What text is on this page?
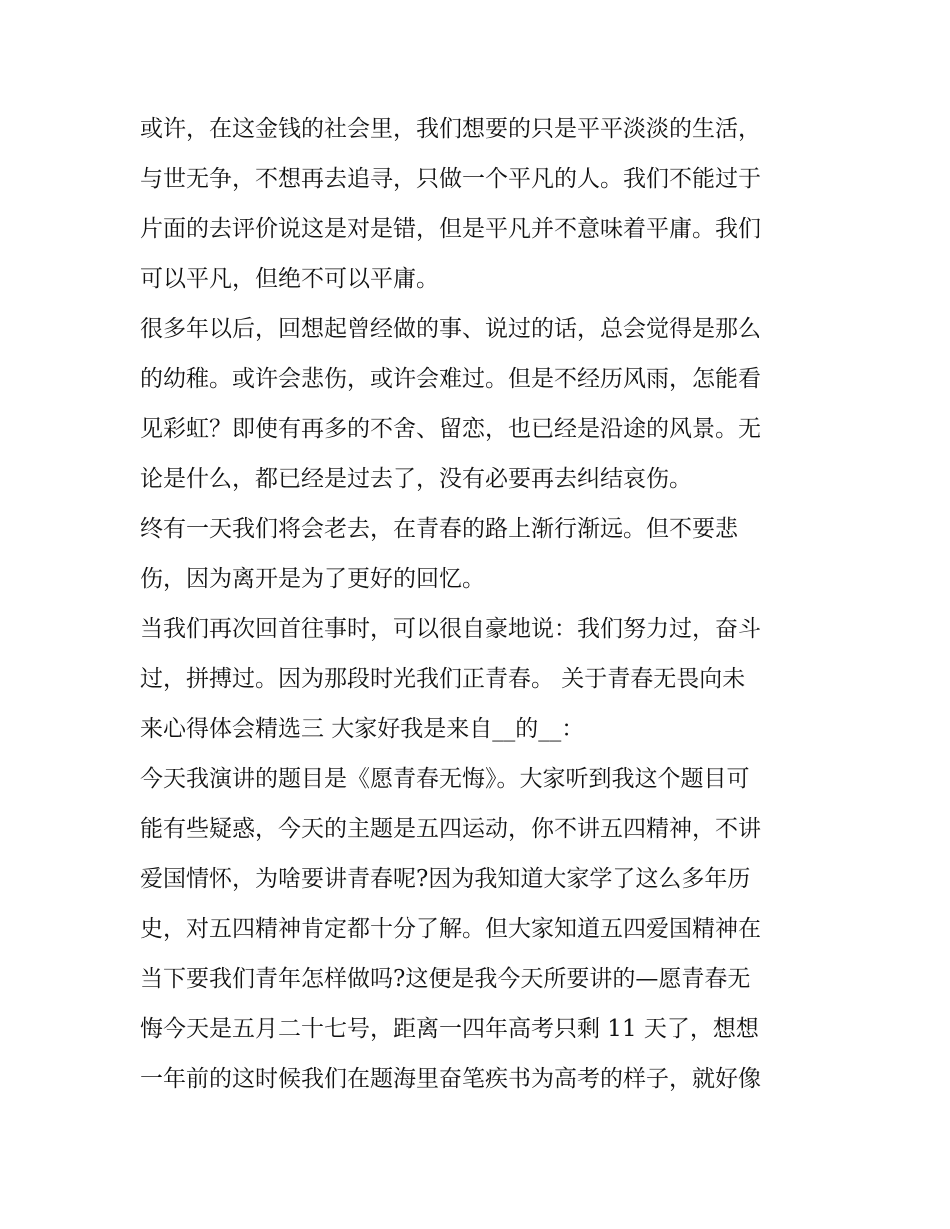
或许，在这金钱的社会里，我们想要的只是平平淡淡的生活，
与世无争，不想再去追寻，只做一个平凡的人。我们不能过于
片面的去评价说这是对是错，但是平凡并不意味着平庸。我们
可以平凡，但绝不可以平庸。
很多年以后，回想起曾经做的事、说过的话，总会觉得是那么
的幼稚。或许会悲伤，或许会难过。但是不经历风雨，怎能看
见彩虹？即使有再多的不舍、留恋，也已经是沿途的风景。无
论是什么，都已经是过去了，没有必要再去纠结哀伤。
终有一天我们将会老去，在青春的路上渐行渐远。但不要悲
伤，因为离开是为了更好的回忆。
当我们再次回首往事时，可以很自豪地说：我们努力过，奋斗
过，拼搏过。因为那段时光我们正青春。 关于青春无畏向未
来心得体会精选三 大家好我是来自__的__：
今天我演讲的题目是《愿青春无悔》。大家听到我这个题目可
能有些疑惑，今天的主题是五四运动，你不讲五四精神，不讲
爱国情怀，为啥要讲青春呢?因为我知道大家学了这么多年历
史，对五四精神肯定都十分了解。但大家知道五四爱国精神在
当下要我们青年怎样做吗?这便是我今天所要讲的—愿青春无
悔今天是五月二十七号，距离一四年高考只剩 11 天了，想想
一年前的这时候我们在题海里奋笔疾书为高考的样子，就好像
